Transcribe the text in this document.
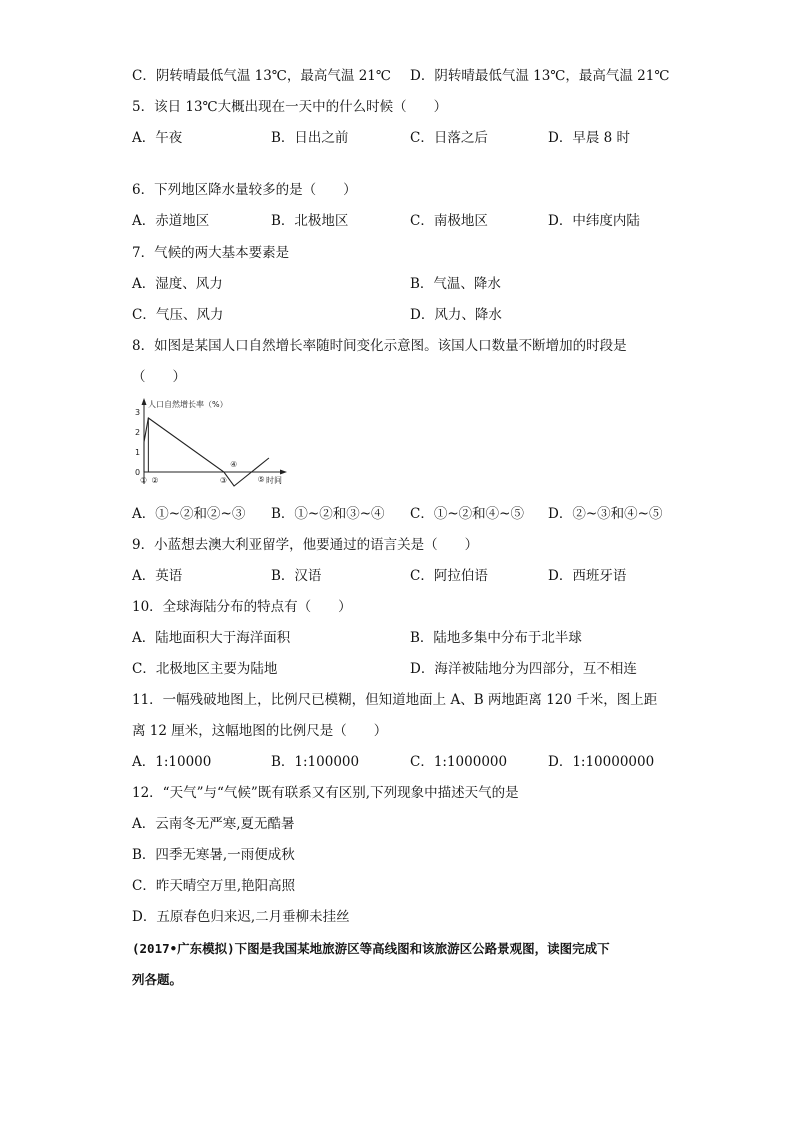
C．阴转晴最低气温 13℃，最高气温 21℃ D．阴转晴最低气温 13℃，最高气温 21℃
5．该日 13℃大概出现在一天中的什么时候（　　）
A．午夜	B．日出之前	C．日落之后	D．早晨 8 时
6．下列地区降水量较多的是（　　）
A．赤道地区	B．北极地区	C．南极地区	D．中纬度内陆
7．气候的两大基本要素是
A．湿度、风力	B．气温、降水
C．气压、风力	D．风力、降水
8．如图是某国人口自然增长率随时间变化示意图。该国人口数量不断增加的时段是
（　　）
人口自然增长率（%）
时间
3
2
1
0
① ②	③
④
⑤
A．①~②和②~③ B．①~②和③~④ C．①~②和④~⑤ D．②~③和④~⑤
9．小蓝想去澳大利亚留学，他要通过的语言关是（　　）
A．英语	B．汉语	C．阿拉伯语	D．西班牙语
10．全球海陆分布的特点有（　　）
A．陆地面积大于海洋面积	B．陆地多集中分布于北半球
C．北极地区主要为陆地	D．海洋被陆地分为四部分，互不相连
11．一幅残破地图上，比例尺已模糊，但知道地面上 A、B 两地距离 120 千米，图上距
离 12 厘米，这幅地图的比例尺是（　　）
A．1:10000	B．1:100000	C．1:1000000	D．1:10000000
12．“天气”与“气候”既有联系又有区别,下列现象中描述天气的是
A．云南冬无严寒,夏无酷暑
B．四季无寒暑,一雨便成秋
C．昨天晴空万里,艳阳高照
D．五原春色归来迟,二月垂柳未挂丝
(2017•广东模拟)下图是我国某地旅游区等高线图和该旅游区公路景观图，读图完成下
列各题。
